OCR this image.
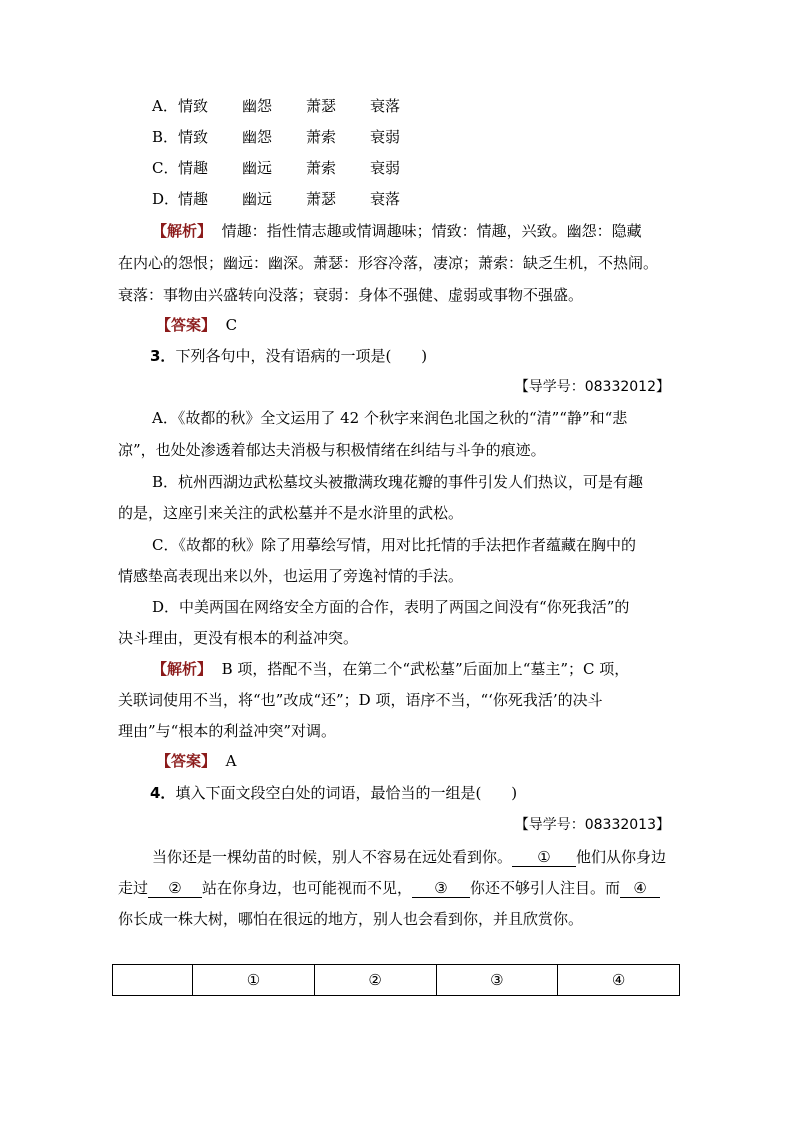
A．情致 幽怨 萧瑟 衰落
B．情致 幽怨 萧索 衰弱
C．情趣 幽远 萧索 衰弱
D．情趣 幽远 萧瑟 衰落
【解析】 情趣：指性情志趣或情调趣味；情致：情趣，兴致。幽怨：隐藏
在内心的怨恨；幽远：幽深。萧瑟：形容冷落，凄凉；萧索：缺乏生机，不热闹。
衰落：事物由兴盛转向没落；衰弱：身体不强健、虚弱或事物不强盛。
【答案】 C
3．下列各句中，没有语病的一项是(　　)
【导学号：08332012】
A．《故都的秋》全文运用了 42 个秋字来润色北国之秋的“清”“静”和“悲
凉”，也处处渗透着郁达夫消极与积极情绪在纠结与斗争的痕迹。
B．杭州西湖边武松墓坟头被撒满玫瑰花瓣的事件引发人们热议，可是有趣
的是，这座引来关注的武松墓并不是水浒里的武松。
C．《故都的秋》除了用摹绘写情，用对比托情的手法把作者蕴藏在胸中的
情感垫高表现出来以外，也运用了旁逸衬情的手法。
D．中美两国在网络安全方面的合作，表明了两国之间没有“你死我活”的
决斗理由，更没有根本的利益冲突。
【解析】 B 项，搭配不当，在第二个“武松墓”后面加上“墓主”；C 项，
关联词使用不当，将“也”改成“还”；D 项，语序不当，“‘你死我活’的决斗
理由”与“根本的利益冲突”对调。
【答案】 A
4．填入下面文段空白处的词语，最恰当的一组是(　　)
【导学号：08332013】
当你还是一棵幼苗的时候，别人不容易在远处看到你。 ① 他们从你身边
走过 ② 站在你身边，也可能视而不见， ③ 你还不够引人注目。而 ④
你长成一株大树，哪怕在很远的地方，别人也会看到你，并且欣赏你。
	①	②	③	④
